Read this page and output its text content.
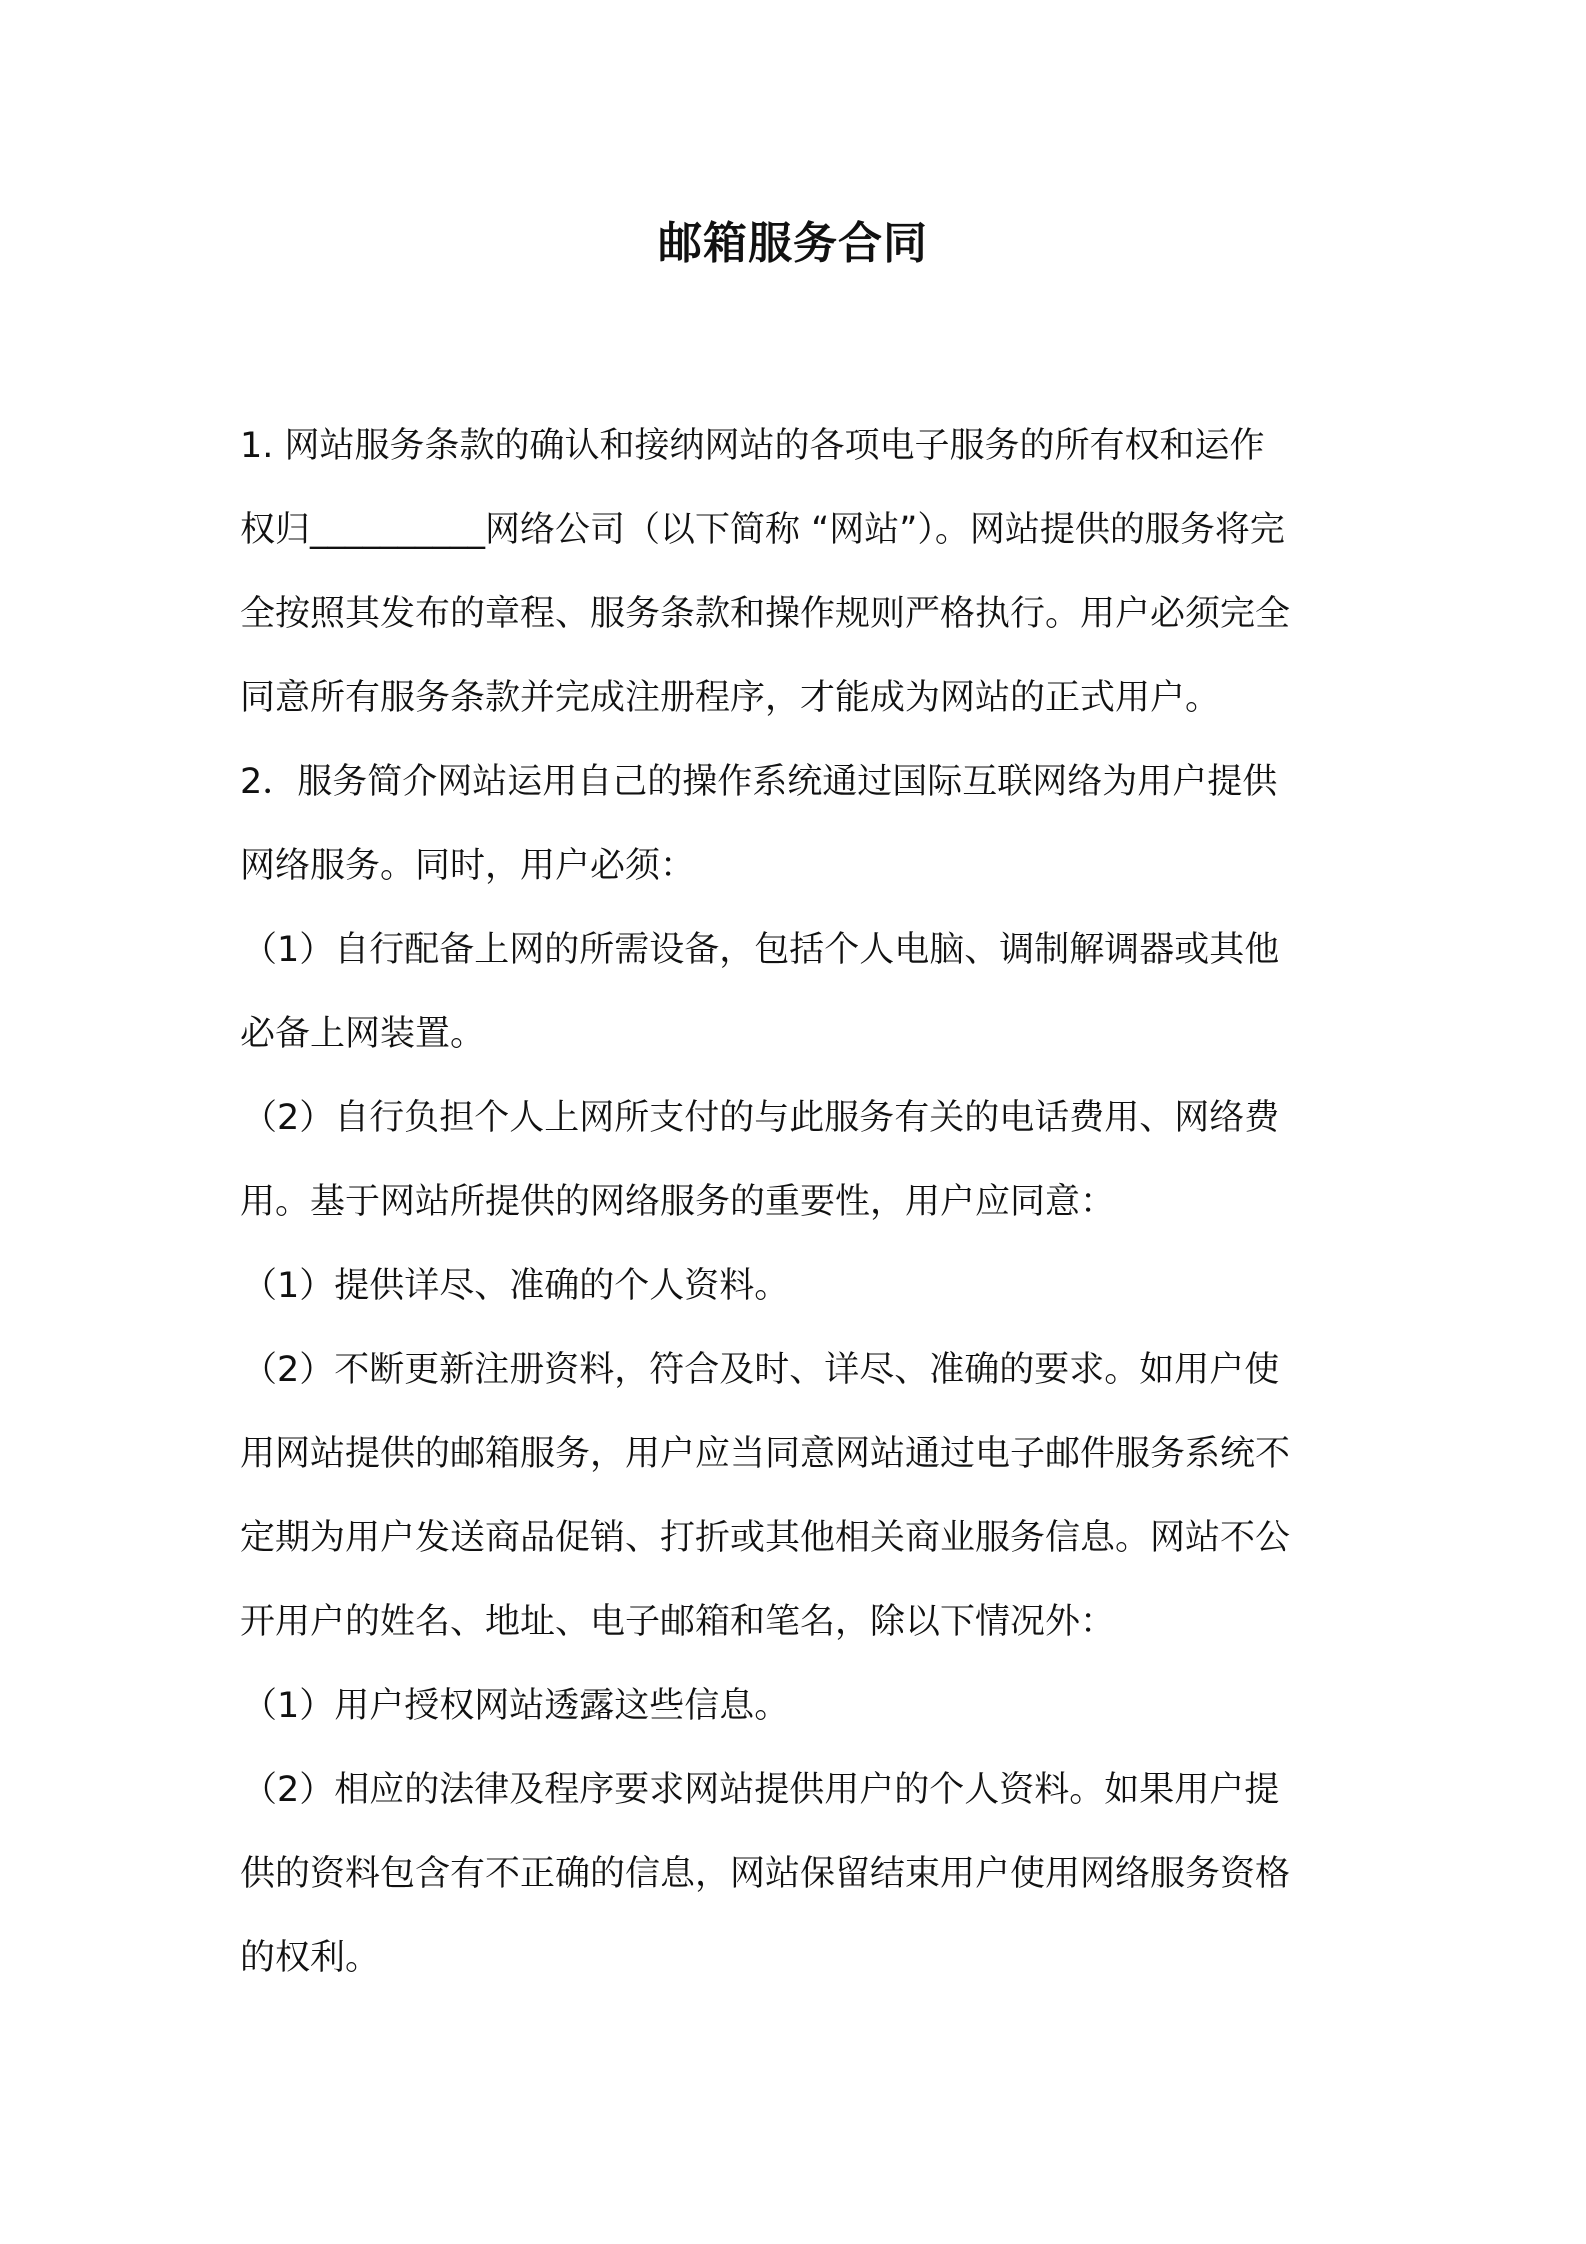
邮箱服务合同
1. 网站服务条款的确认和接纳网站的各项电子服务的所有权和运作
权归__________网络公司（以下简称 “网站”）。网站提供的服务将完
全按照其发布的章程、服务条款和操作规则严格执行。用户必须完全
同意所有服务条款并完成注册程序，才能成为网站的正式用户。
2．服务简介网站运用自己的操作系统通过国际互联网络为用户提供
网络服务。同时，用户必须：
（1）自行配备上网的所需设备，包括个人电脑、调制解调器或其他
必备上网装置。
（2）自行负担个人上网所支付的与此服务有关的电话费用、网络费
用。基于网站所提供的网络服务的重要性，用户应同意：
（1）提供详尽、准确的个人资料。
（2）不断更新注册资料，符合及时、详尽、准确的要求。如用户使
用网站提供的邮箱服务，用户应当同意网站通过电子邮件服务系统不
定期为用户发送商品促销、打折或其他相关商业服务信息。网站不公
开用户的姓名、地址、电子邮箱和笔名，除以下情况外：
（1）用户授权网站透露这些信息。
（2）相应的法律及程序要求网站提供用户的个人资料。如果用户提
供的资料包含有不正确的信息，网站保留结束用户使用网络服务资格
的权利。
